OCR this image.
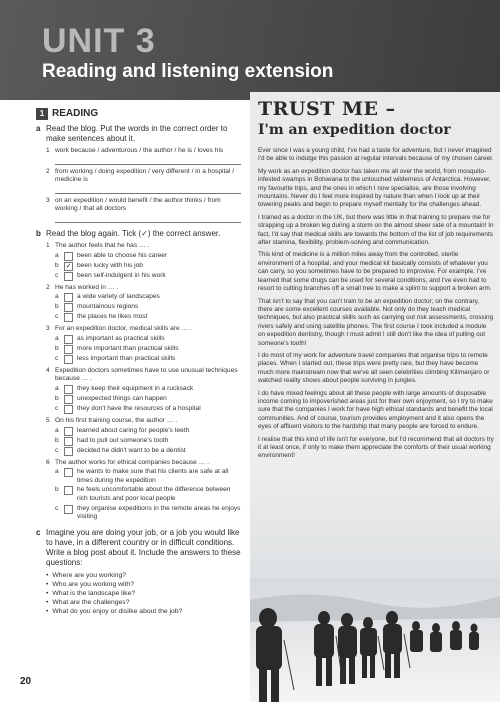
UNIT 3
Reading and listening extension
1 READING
a Read the blog. Put the words in the correct order to make sentences about it.
1 work because / adventurous / the author / he is / loves his
2 from working / doing expedition / very different / in a hospital / medicine is
3 on an expedition / would benefit / the author thinks / from working / that all doctors
b Read the blog again. Tick (✓) the correct answer.
1 The author feels that he has … .
a	been able to choose his career
b ✓ been lucky with his job
c	been self-indulgent in his work
2 He has worked in … .
a	a wide variety of landscapes
b	mountainous regions
c	the places he likes most
3 For an expedition doctor, medical skills are … .
a	as important as practical skills
b	more important than practical skills
c	less important than practical skills
4 Expedition doctors sometimes have to use unusual techniques because … .
a	they keep their equipment in a rucksack
b	unexpected things can happen
c	they don't have the resources of a hospital
5 On his first training course, the author … .
a	learned about caring for people's teeth
b	had to pull out someone's tooth
c	decided he didn't want to be a dentist
6 The author works for ethical companies because … .
a	he wants to make sure that his clients are safe at all times during the expedition
b	he feels uncomfortable about the difference between rich tourists and poor local people
c	they organise expeditions in the remote areas he enjoys visiting
c Imagine you are doing your job, or a job you would like to have, in a different country or in difficult conditions. Write a blog post about it. Include the answers to these questions:
• Where are you working?
• Who are you working with?
• What is the landscape like?
• What are the challenges?
• What do you enjoy or dislike about the job?
20
TRUST ME –
I'm an expedition doctor

Ever since I was a young child, I've had a taste for adventure, but I never imagined I'd be able to indulge this passion at regular intervals because of my chosen career.

My work as an expedition doctor has taken me all over the world, from mosquito-infested swamps in Botswana to the untouched wilderness of Antarctica. However, my favourite trips, and the ones in which I now specialise, are those involving mountains. Never do I feel more inspired by nature than when I look up at their towering peaks and begin to prepare myself mentally for the challenges ahead.

I trained as a doctor in the UK, but there was little in that training to prepare me for strapping up a broken leg during a storm on the almost sheer side of a mountain! In fact, I'd say that medical skills are towards the bottom of the list of job requirements after stamina, flexibility, problem-solving and communication.

This kind of medicine is a million miles away from the controlled, sterile environment of a hospital, and your medical kit basically consists of whatever you can carry, so you sometimes have to be prepared to improvise. For example, I've learned that some drugs can be used for several conditions, and I've even had to resort to cutting branches off a small tree to make a splint to support a broken arm.

That isn't to say that you can't train to be an expedition doctor; on the contrary, there are some excellent courses available. Not only do they teach medical techniques, but also practical skills such as carrying out risk assessments, crossing rivers safely and using satellite phones. The first course I took included a module on expedition dentistry, though I must admit I still don't like the idea of pulling out someone's tooth!

I do most of my work for adventure travel companies that organise trips to remote places. When I started out, these trips were pretty rare, but they have become much more mainstream now that we've all seen celebrities climbing Kilimanjaro or watched reality shows about people surviving in jungles.

I do have mixed feelings about all these people with large amounts of disposable income coming to impoverished areas just for their own enjoyment, so I try to make sure that the companies I work for have high ethical standards and benefit the local communities. And of course, tourism provides employment and it also opens the eyes of affluent visitors to the hardship that many people are forced to endure.

I realise that this kind of life isn't for everyone, but I'd recommend that all doctors try it at least once, if only to make them appreciate the comforts of their usual working environment!
